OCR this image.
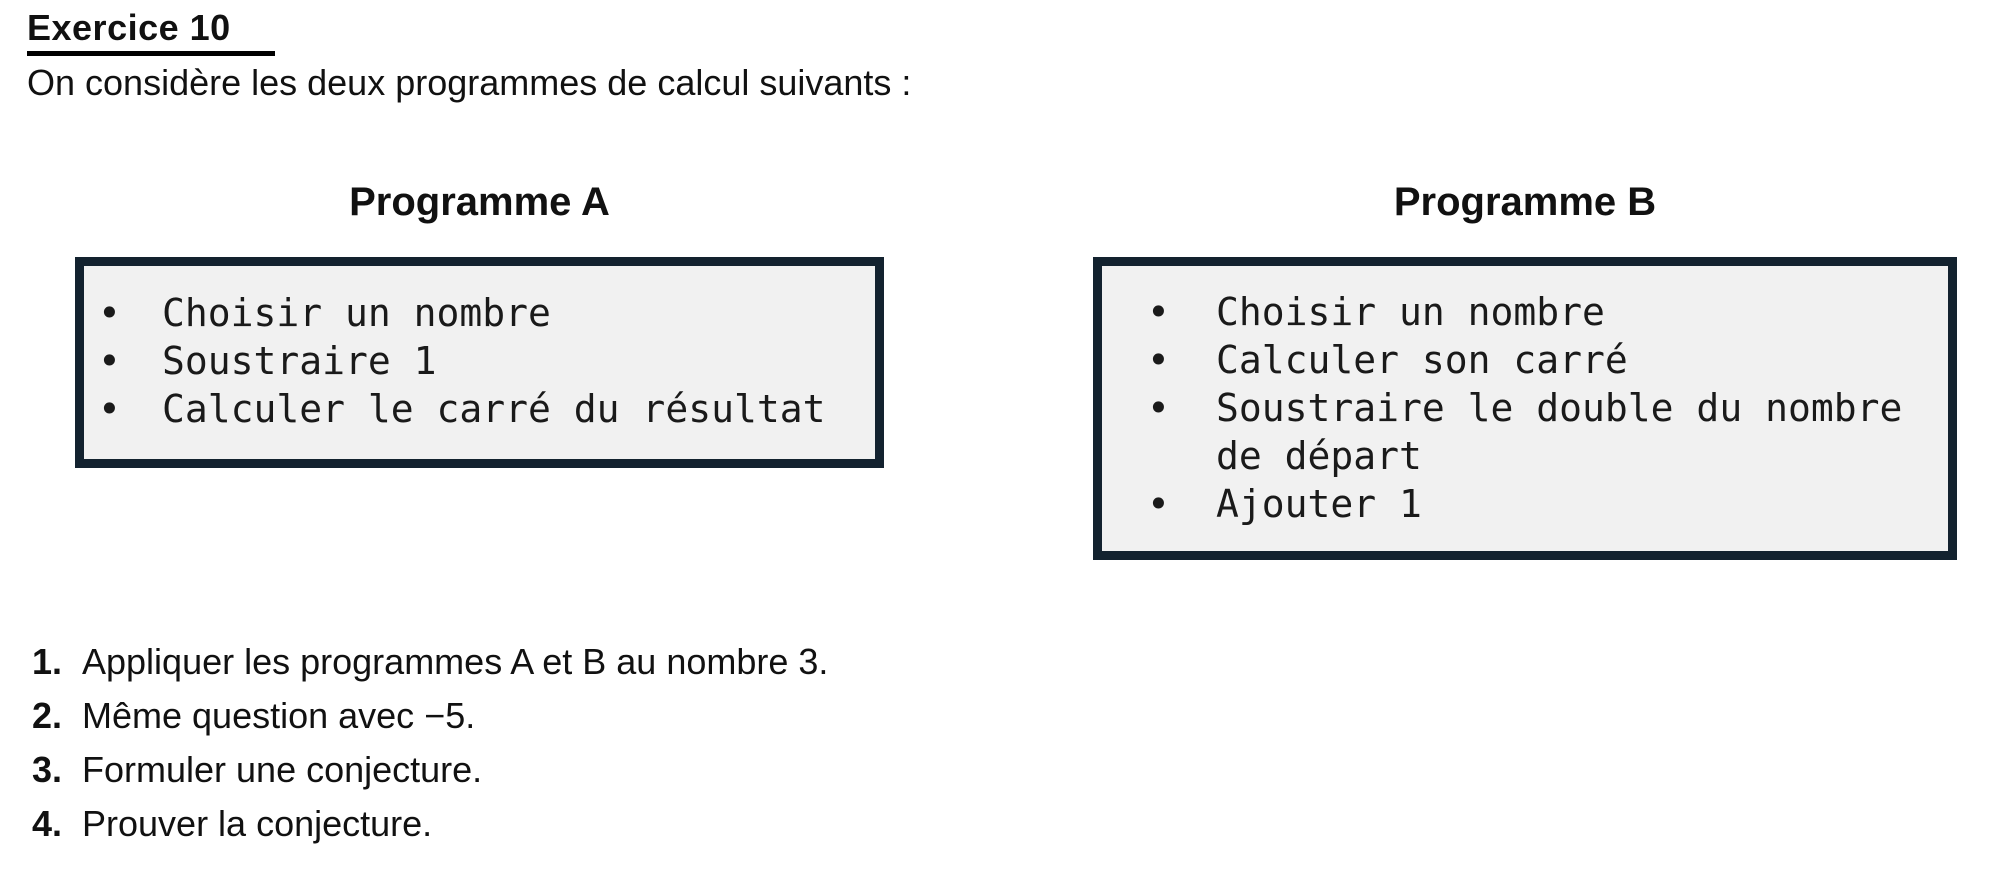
Exercice 10

On considère les deux programmes de calcul suivants :

Programme A
• Choisir un nombre
• Soustraire 1
• Calculer le carré du résultat
Programme B
• Choisir un nombre
• Calculer son carré
• Soustraire le double du nombre de départ
• Ajouter 1
1. Appliquer les programmes A et B au nombre 3.
2. Même question avec −5.
3. Formuler une conjecture.
4. Prouver la conjecture.
